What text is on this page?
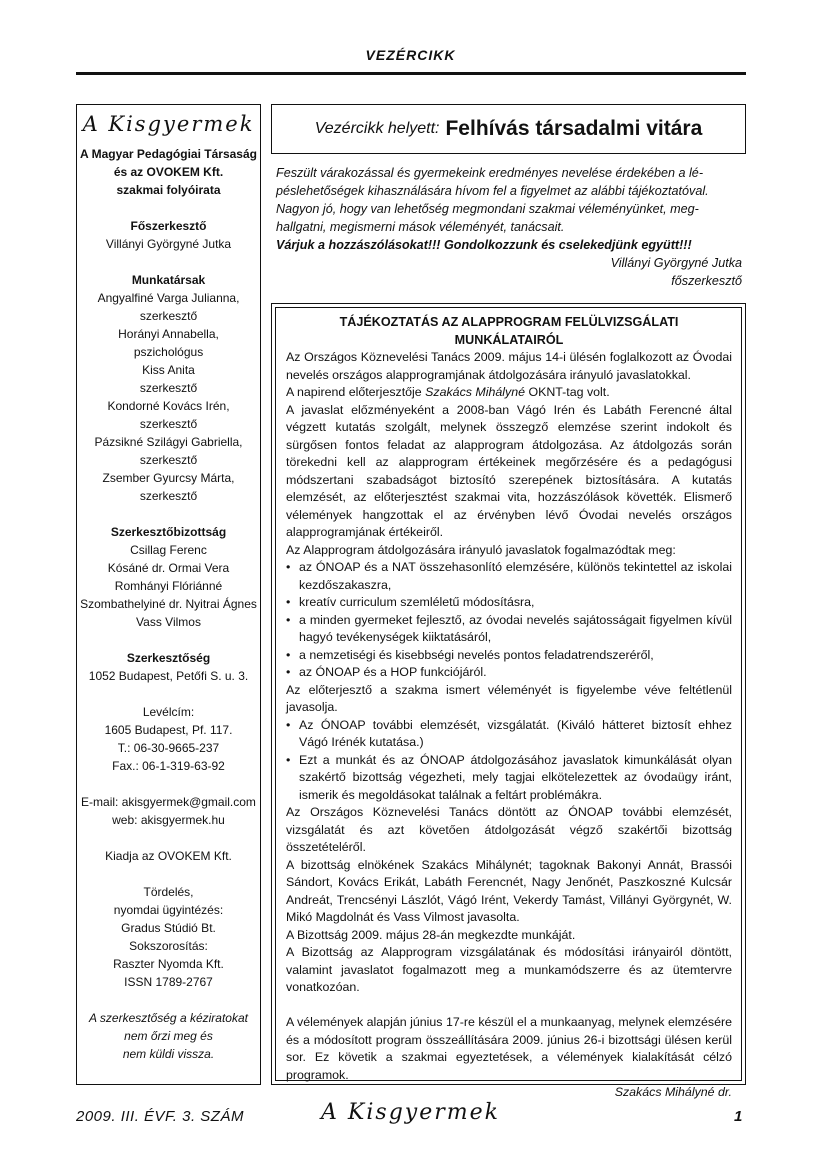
VEZÉRCIKK
A Kisgyermek
A Magyar Pedagógiai Társaság
és az OVOKEM Kft.
szakmai folyóirata
Főszerkesztő
Villányi Györgyné Jutka
Munkatársak
Angyalfiné Varga Julianna,
szerkesztő
Horányi Annabella,
pszichológus
Kiss Anita
szerkesztő
Kondorné Kovács Irén,
szerkesztő
Pázsikné Szilágyi Gabriella,
szerkesztő
Zsember Gyurcsy Márta,
szerkesztő
Szerkesztőbizottság
Csillag Ferenc
Kósáné dr. Ormai Vera
Romhányi Flóriánné
Szombathelyiné dr. Nyitrai Ágnes
Vass Vilmos
Szerkesztőség
1052 Budapest, Petőfi S. u. 3.
Levélcím:
1605 Budapest, Pf. 117.
T.: 06-30-9665-237
Fax.: 06-1-319-63-92
E-mail: akisgyermek@gmail.com
web: akisgyermek.hu
Kiadja az OVOKEM Kft.
Tördelés,
nyomdai ügyintézés:
Gradus Stúdió Bt.
Sokszorosítás:
Raszter Nyomda Kft.
ISSN 1789-2767
A szerkesztőség a kéziratokat
nem őrzi meg és
nem küldi vissza.
Vezércikk helyett: Felhívás társadalmi vitára

Feszült várakozással és gyermekeink eredményes nevelése érdekében a lé-

péslehetőségek kihasználására hívom fel a figyelmet az alábbi tájékoztatóval.

Nagyon jó, hogy van lehetőség megmondani szakmai véleményünket, meg-

hallgatni, megismerni mások véleményét, tanácsait.

Várjuk a hozzászólásokat!!! Gondolkozzunk és cselekedjünk együtt!!!

Villányi Györgyné Jutka

főszerkesztő

TÁJÉKOZTATÁS AZ ALAPPROGRAM FELÜLVIZSGÁLATI MUNKÁLATAIRÓL

Az Országos Köznevelési Tanács 2009. május 14-i ülésén foglalkozott az Óvodai nevelés országos alapprogramjának átdolgozására irányuló javaslatokkal.

A napirend előterjesztője Szakács Mihályné OKNT-tag volt.

A javaslat előzményeként a 2008-ban Vágó Irén és Labáth Ferencné által végzett kutatás szolgált, melynek összegző elemzése szerint indokolt és sürgősen fontos feladat az alapprogram átdolgozása. Az átdolgozás során törekedni kell az alapprogram értékeinek megőrzésére és a pedagógusi módszertani szabadságot biztosító szerepének biztosítására. A kutatás elemzését, az előterjesztést szakmai vita, hozzászólások követték. Elismerő vélemények hangzottak el az érvényben lévő Óvodai nevelés országos alapprogramjának értékeiről.

Az Alapprogram átdolgozására irányuló javaslatok fogalmazódtak meg:

• az ÓNOAP és a NAT összehasonlító elemzésére, különös tekintettel az iskolai kezdőszakaszra,
• kreatív curriculum szemléletű módosításra,
• a minden gyermeket fejlesztő, az óvodai nevelés sajátosságait figyelmen kívül hagyó tevékenységek kiiktatásáról,
• a nemzetiségi és kisebbségi nevelés pontos feladatrendszeréről,
• az ÓNOAP és a HOP funkciójáról.

Az előterjesztő a szakma ismert véleményét is figyelembe véve feltétlenül javasolja.

• Az ÓNOAP további elemzését, vizsgálatát. (Kiváló hátteret biztosít ehhez Vágó Irénék kutatása.)
• Ezt a munkát és az ÓNOAP átdolgozásához javaslatok kimunkálását olyan szakértő bizottság végezheti, mely tagjai elkötelezettek az óvodaügy iránt, ismerik és megoldásokat találnak a feltárt problémákra.

Az Országos Köznevelési Tanács döntött az ÓNOAP további elemzését, vizsgálatát és azt követően átdolgozását végző szakértői bizottság összetételéről.

A bizottság elnökének Szakács Mihályné​t; tagoknak Bakonyi Annát, Brassói Sándort, Kovács Erikát, Labáth Ferencnét, Nagy Jenőnét, Paszkoszné Kulcsár Andreát, Trencsényi Lászlót, Vágó Irént, Vekerdy Tamást, Villányi Györgynét, W. Mikó Magdolnát és Vass Vilmost javasolta.

A Bizottság 2009. május 28-án megkezdte munkáját.

A Bizottság az Alapprogram vizsgálatának és módosítási irányairól döntött, valamint javaslatot fogalmazott meg a munkamódszerre és az ütemtervre vonatkozóan.

A vélemények alapján június 17-re készül el a munkaanyag, melynek elemzésére és a módosított program összeállítására 2009. június 26-i bizottsági ülésen kerül sor. Ez követik a szakmai egyeztetések, a vélemények kialakítását célzó programok.

Szakács Mihályné dr.

2009. III. ÉVF. 3. SZÁM	A Kisgyermek	1
